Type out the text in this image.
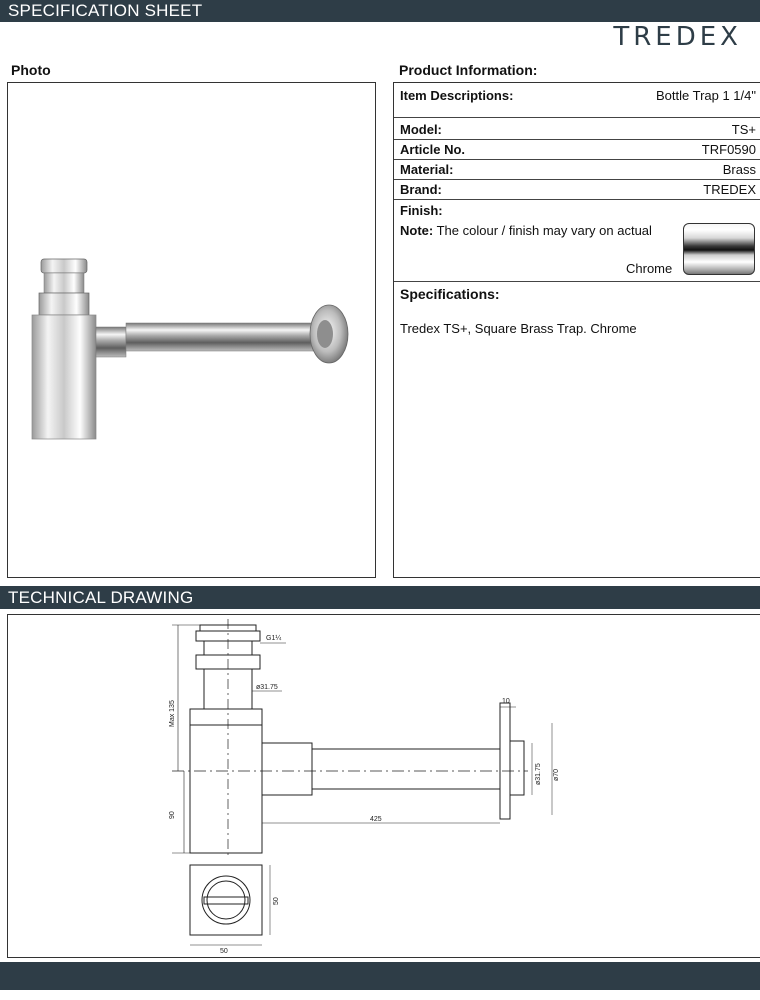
SPECIFICATION SHEET
TREDEX
Photo	Product Information:
Item Descriptions:	Bottle Trap 1 1/4"
Model:	TS+
Article No.	TRF0590
Material:	Brass
Brand:	TREDEX
Finish:
Note: The colour / finish may vary on actual
Chrome
Specifications:
Tredex TS+, Square Brass Trap. Chrome
TECHNICAL DRAWING
G1¼
ø31.75
Max 135
90
425
10
ø31.75 ø70
50
50
